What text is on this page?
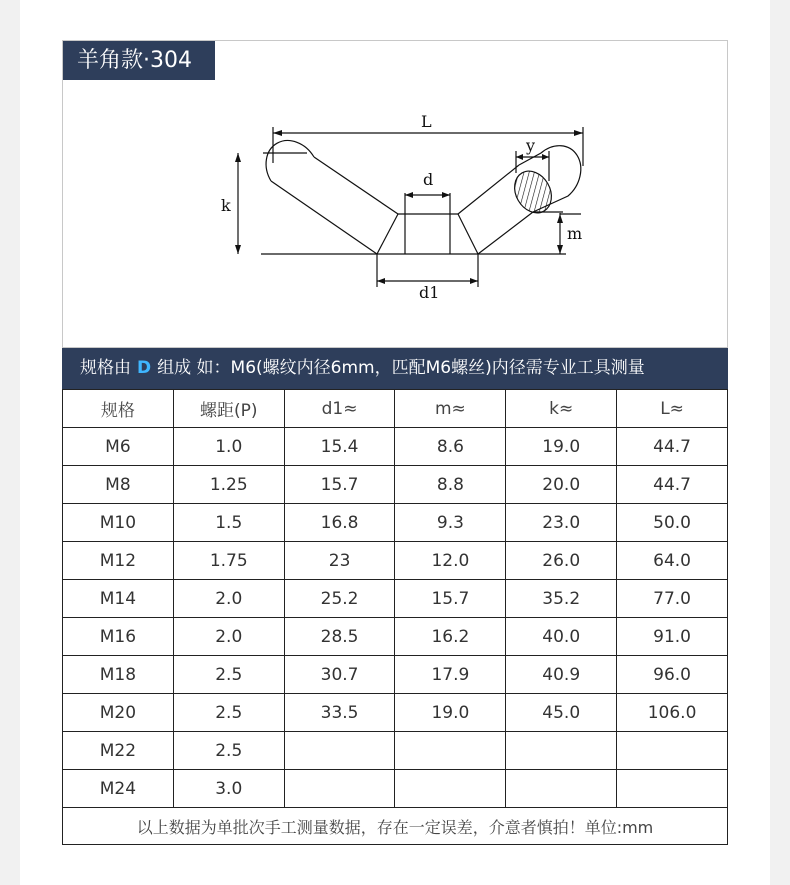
羊角款·304
L
y
d
k
m
d1
规格由 D 组成 如：M6(螺纹内径6mm，匹配M6螺丝)内径需专业工具测量
规格	螺距(P)	d1≈	m≈	k≈	L≈
M6	1.0	15.4	8.6	19.0	44.7
M8	1.25	15.7	8.8	20.0	44.7
M10	1.5	16.8	9.3	23.0	50.0
M12	1.75	23	12.0	26.0	64.0
M14	2.0	25.2	15.7	35.2	77.0
M16	2.0	28.5	16.2	40.0	91.0
M18	2.5	30.7	17.9	40.9	96.0
M20	2.5	33.5	19.0	45.0	106.0
M22	2.5				
M24	3.0				
以上数据为单批次手工测量数据，存在一定误差，介意者慎拍！单位:mm					
